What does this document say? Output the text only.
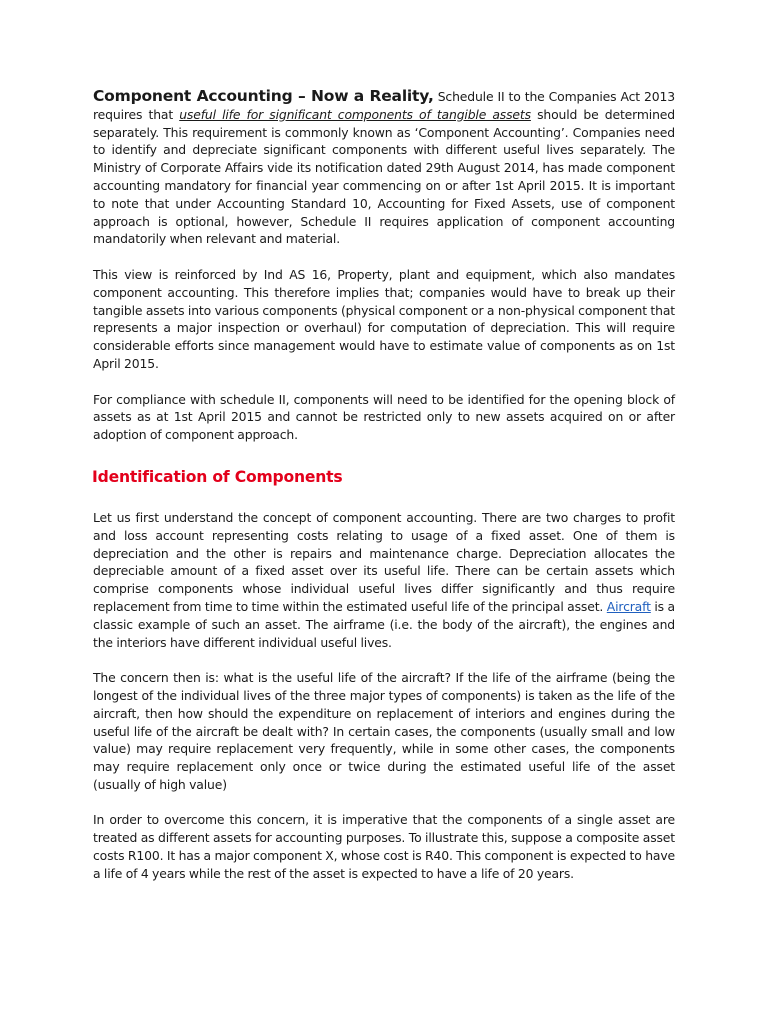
Component Accounting – Now a Reality, Schedule II to the Companies Act 2013 requires that useful life for significant components of tangible assets should be determined separately. This requirement is commonly known as ‘Component Accounting’. Companies need to identify and depreciate significant components with different useful lives separately. The Ministry of Corporate Affairs vide its notification dated 29th August 2014, has made component accounting mandatory for financial year commencing on or after 1st April 2015. It is important to note that under Accounting Standard 10, Accounting for Fixed Assets, use of component approach is optional, however, Schedule II requires application of component accounting mandatorily when relevant and material.

This view is reinforced by Ind AS 16, Property, plant and equipment, which also mandates component accounting. This therefore implies that; companies would have to break up their tangible assets into various components (physical component or a non-physical component that represents a major inspection or overhaul) for computation of depreciation. This will require considerable efforts since management would have to estimate value of components as on 1st April 2015.

For compliance with schedule II, components will need to be identified for the opening block of assets as at 1st April 2015 and cannot be restricted only to new assets acquired on or after adoption of component approach.

Identification of Components

Let us first understand the concept of component accounting. There are two charges to profit and loss account representing costs relating to usage of a fixed asset. One of them is depreciation and the other is repairs and maintenance charge. Depreciation allocates the depreciable amount of a fixed asset over its useful life. There can be certain assets which comprise components whose individual useful lives differ significantly and thus require replacement from time to time within the estimated useful life of the principal asset. Aircraft is a classic example of such an asset. The airframe (i.e. the body of the aircraft), the engines and the interiors have different individual useful lives.

The concern then is: what is the useful life of the aircraft? If the life of the airframe (being the longest of the individual lives of the three major types of components) is taken as the life of the aircraft, then how should the expenditure on replacement of interiors and engines during the useful life of the aircraft be dealt with? In certain cases, the components (usually small and low value) may require replacement very frequently, while in some other cases, the components may require replacement only once or twice during the estimated useful life of the asset (usually of high value)

In order to overcome this concern, it is imperative that the components of a single asset are treated as different assets for accounting purposes. To illustrate this, suppose a composite asset costs R100. It has a major component X, whose cost is R40. This component is expected to have a life of 4 years while the rest of the asset is expected to have a life of 20 years.
